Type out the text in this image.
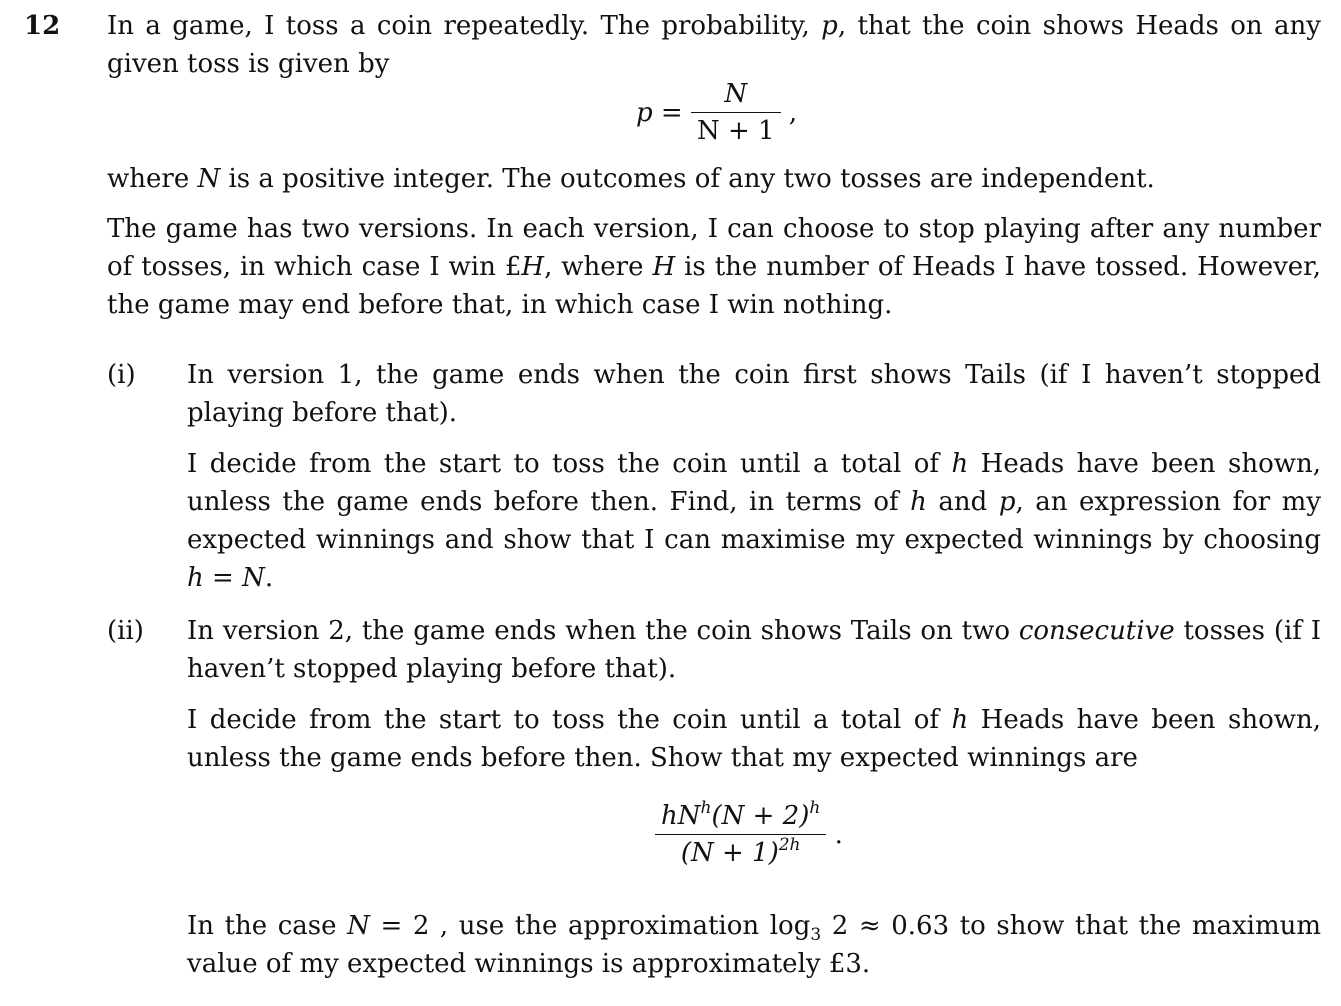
12 In a game, I toss a coin repeatedly. The probability, p, that the coin shows Heads on any given toss is given by

$p = \frac{N}{N + 1}$ ,

where N is a positive integer. The outcomes of any two tosses are independent.

The game has two versions. In each version, I can choose to stop playing after any number of tosses, in which case I win £H, where H is the number of Heads I have tossed. However, the game may end before that, in which case I win nothing.

(i) In version 1, the game ends when the coin first shows Tails (if I haven’t stopped playing before that).

I decide from the start to toss the coin until a total of h Heads have been shown, unless the game ends before then. Find, in terms of h and p, an expression for my expected winnings and show that I can maximise my expected winnings by choosing h = N.

(ii) In version 2, the game ends when the coin shows Tails on two consecutive tosses (if I haven’t stopped playing before that).

I decide from the start to toss the coin until a total of h Heads have been shown, unless the game ends before then. Show that my expected winnings are

$\frac{hN^h(N + 2)^h}{(N + 1)^{2h}}$ .

In the case N = 2 , use the approximation $\log_3 2 \approx 0.63$ to show that the maximum value of my expected winnings is approximately £3.
